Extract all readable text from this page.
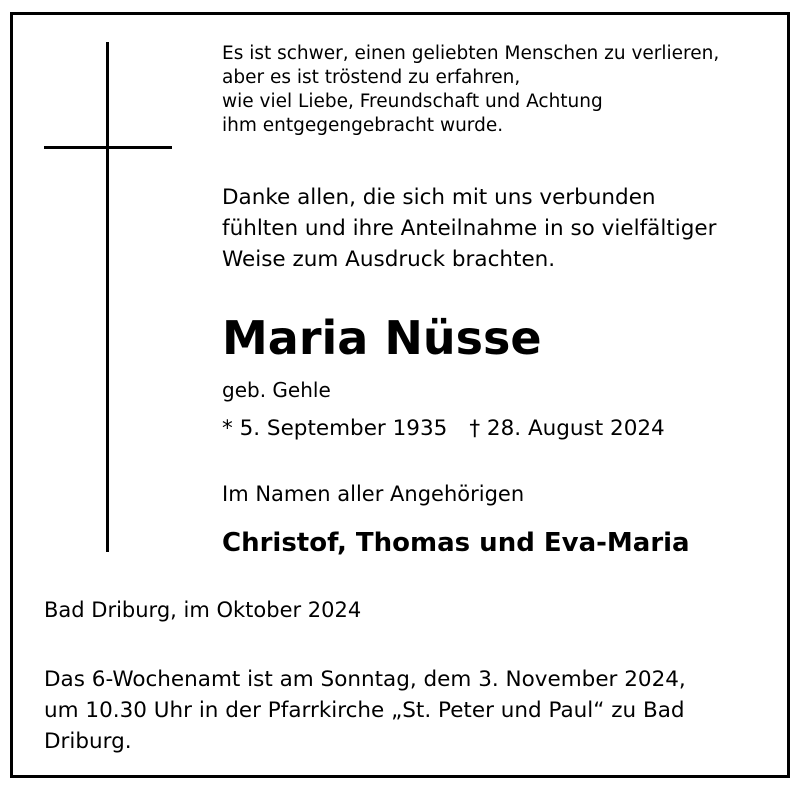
Es ist schwer, einen geliebten Menschen zu verlieren,
aber es ist tröstend zu erfahren,
wie viel Liebe, Freundschaft und Achtung
ihm entgegengebracht wurde.
Danke allen, die sich mit uns verbunden
fühlten und ihre Anteilnahme in so vielfältiger
Weise zum Ausdruck brachten.
Maria Nüsse
geb. Gehle
* 5. September 1935 † 28. August 2024
Im Namen aller Angehörigen
Christof, Thomas und Eva-Maria
Bad Driburg, im Oktober 2024
Das 6-Wochenamt ist am Sonntag, dem 3. November 2024,
um 10.30 Uhr in der Pfarrkirche „St. Peter und Paul“ zu Bad
Driburg.
